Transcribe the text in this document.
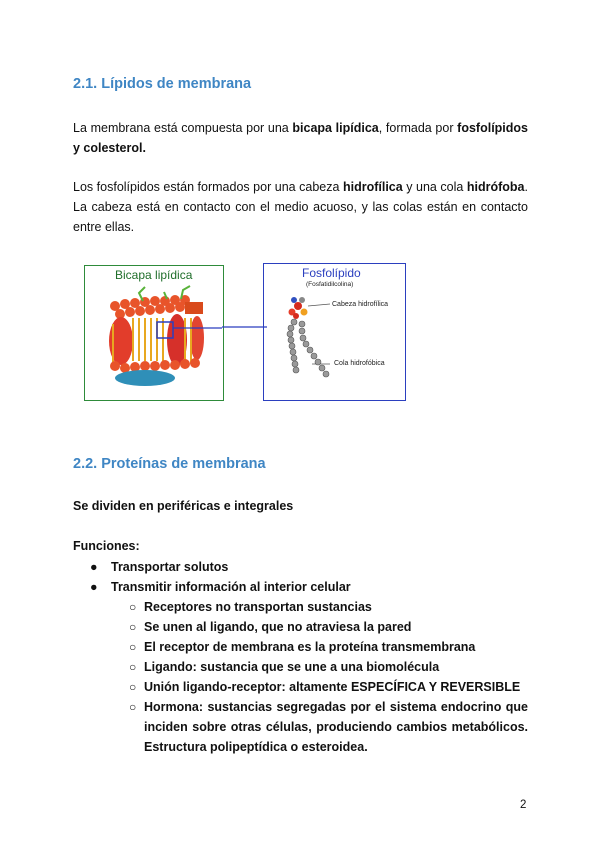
2.1. Lípidos de membrana
La membrana está compuesta por una bicapa lipídica, formada por fosfolípidos y colesterol.
Los fosfolípidos están formados por una cabeza hidrofílica y una cola hidrófoba. La cabeza está en contacto con el medio acuoso, y las colas están en contacto entre ellas.
Bicapa lipídica	Fosfolípido
(Fosfatidilcolina)
Cabeza hidrofílica
Cola hidrofóbica
2.2. Proteínas de membrana
Se dividen en periféricas e integrales
Funciones:
● Transportar solutos
● Transmitir información al interior celular
○ Receptores no transportan sustancias
○ Se unen al ligando, que no atraviesa la pared
○ El receptor de membrana es la proteína transmembrana
○ Ligando: sustancia que se une a una biomolécula
○ Unión ligando-receptor: altamente ESPECÍFICA Y REVERSIBLE
○ Hormona: sustancias segregadas por el sistema endocrino que inciden sobre otras células, produciendo cambios metabólicos. Estructura polipeptídica o esteroidea.
2
